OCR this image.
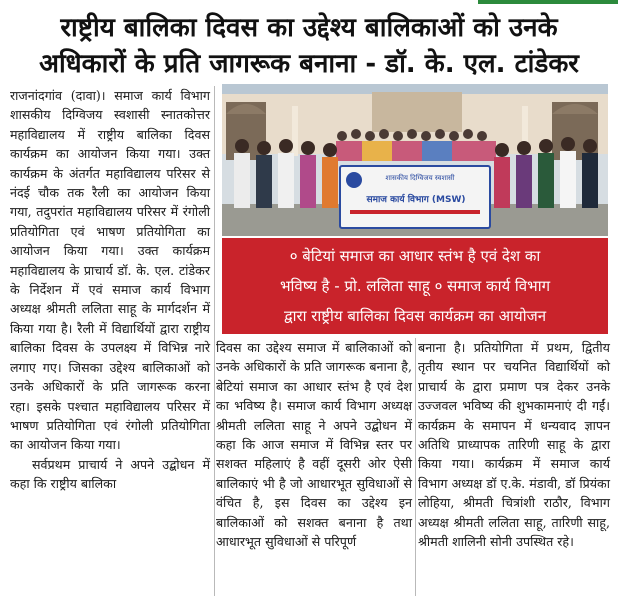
राष्ट्रीय बालिका दिवस का उद्देश्य बालिकाओं को उनके
अधिकारों के प्रति जागरूक बनाना - डॉ. के. एल. टांडेकर

राजनांदगांव (दावा)। समाज कार्य विभाग शासकीय दिग्विजय स्वशासी स्नातकोत्तर महाविद्यालय में राष्ट्रीय बालिका दिवस कार्यक्रम का आयोजन किया गया। उक्त कार्यक्रम के अंतर्गत महाविद्यालय परिसर से नंदई चौक तक रैली का आयोजन किया गया, तदुपरांत महाविद्यालय परिसर में रंगोली प्रतियोगिता एवं भाषण प्रतियोगिता का आयोजन किया गया। उक्त कार्यक्रम महाविद्यालय के प्राचार्य डॉ. के. एल. टांडेकर के निर्देशन में एवं समाज कार्य विभाग अध्यक्ष श्रीमती ललिता साहू के मार्गदर्शन में किया गया है। रैली में विद्यार्थियों द्वारा राष्ट्रीय बालिका दिवस के उपलक्ष्य में विभिन्न नारे लगाए गए। जिसका उद्देश्य बालिकाओं को उनके अधिकारों के प्रति जागरूक करना रहा। इसके पश्चात महाविद्यालय परिसर में भाषण प्रतियोगिता एवं रंगोली प्रतियोगिता का आयोजन किया गया।

सर्वप्रथम प्राचार्य ने अपने उद्बोधन में कहा कि राष्ट्रीय बालिका

शासकीय दिग्विजय स्वशासी
समाज कार्य विभाग (MSW)
० बेटियां समाज का आधार स्तंभ है एवं देश का
भविष्य है - प्रो. ललिता साहू ० समाज कार्य विभाग
द्वारा राष्ट्रीय बालिका दिवस कार्यक्रम का आयोजन

दिवस का उद्देश्य समाज में बालिकाओं को उनके अधिकारों के प्रति जागरूक बनाना है, बेटियां समाज का आधार स्तंभ है एवं देश का भविष्य है। समाज कार्य विभाग अध्यक्ष श्रीमती ललिता साहू ने अपने उद्बोधन में कहा कि आज समाज में विभिन्न स्तर पर सशक्त महिलाएं है वहीं दूसरी ओर ऐसी बालिकाएं भी है जो आधारभूत सुविधाओं से वंचित है, इस दिवस का उद्देश्य इन बालिकाओं को सशक्त बनाना है तथा आधारभूत सुविधाओं से परिपूर्ण

बनाना है। प्रतियोगिता में प्रथम, द्वितीय तृतीय स्थान पर चयनित विद्यार्थियों को प्राचार्य के द्वारा प्रमाण पत्र देकर उनके उज्जवल भविष्य की शुभकामनाएं दी गईं। कार्यक्रम के समापन में धन्यवाद ज्ञापन अतिथि प्राध्यापक तारिणी साहू के द्वारा किया गया। कार्यक्रम में समाज कार्य विभाग अध्यक्ष डॉ ए.के. मंडावी, डॉ प्रियंका लोहिया, श्रीमती चित्रांशी राठौर, विभाग अध्यक्ष श्रीमती ललिता साहू, तारिणी साहू, श्रीमती शालिनी सोनी उपस्थित रहे।
